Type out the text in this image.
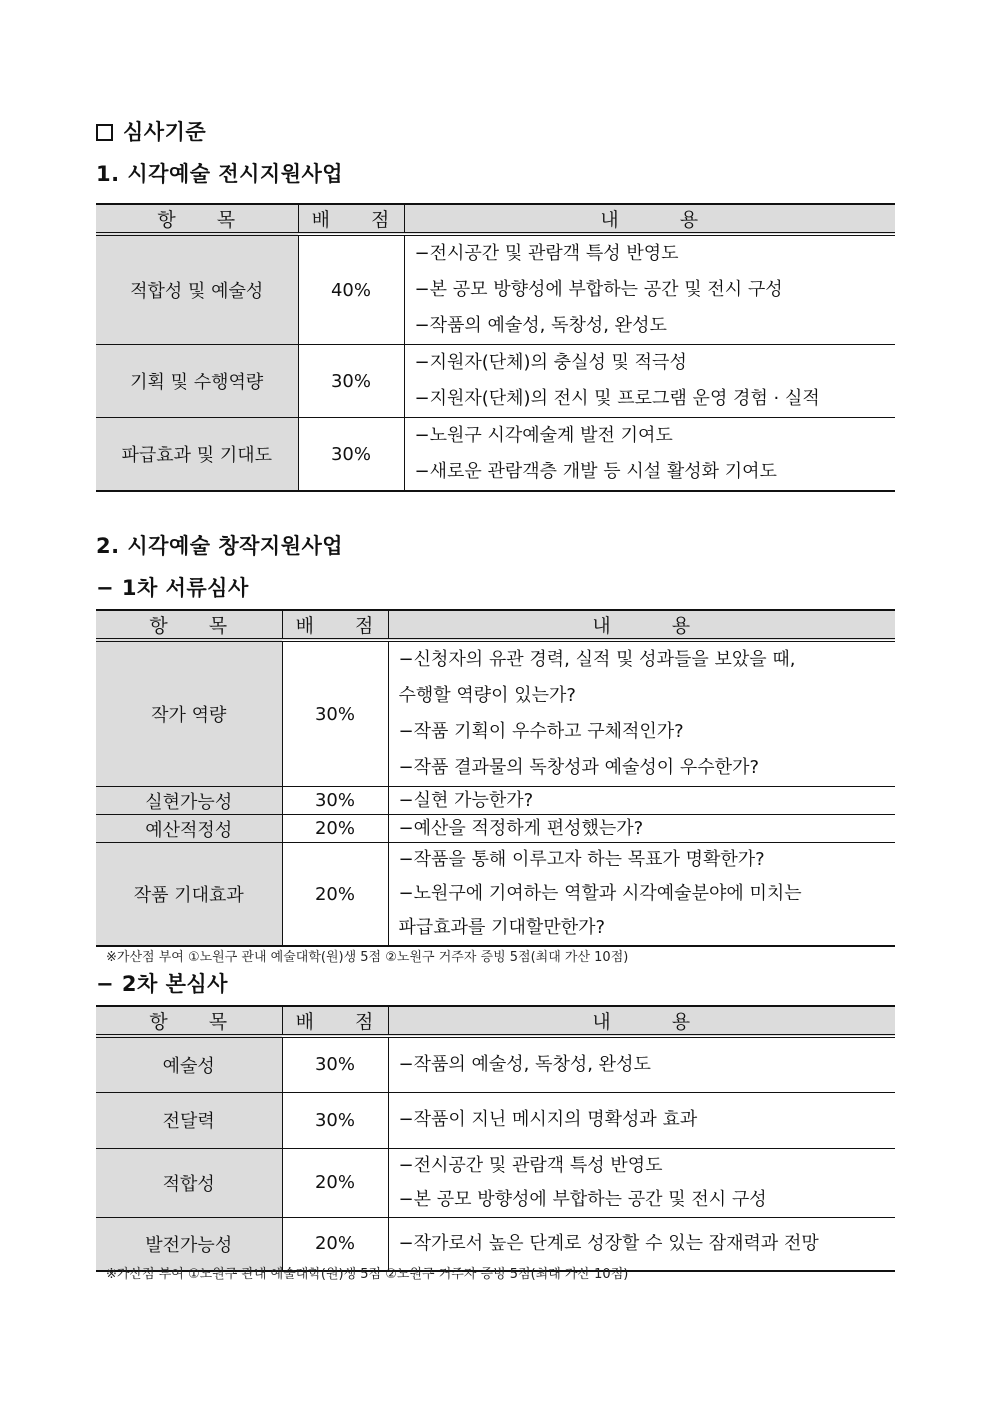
심사기준
1. 시각예술 전시지원사업
항　　목	배　　점	내　　　용
적합성 및 예술성	40%	−전시공간 및 관람객 특성 반영도
−본 공모 방향성에 부합하는 공간 및 전시 구성
−작품의 예술성, 독창성, 완성도

기획 및 수행역량	30%	−지원자(단체)의 충실성 및 적극성
−지원자(단체)의 전시 및 프로그램 운영 경험 · 실적

파급효과 및 기대도	30%	−노원구 시각예술계 발전 기여도
−새로운 관람객층 개발 등 시설 활성화 기여도
2. 시각예술 창작지원사업
− 1차 서류심사
항　　목	배　　점	내　　　용
작가 역량	30%	−신청자의 유관 경력, 실적 및 성과들을 보았을 때,
수행할 역량이 있는가?
−작품 기획이 우수하고 구체적인가?
−작품 결과물의 독창성과 예술성이 우수한가?

실현가능성	30%	−실현 가능한가?

예산적정성	20%	−예산을 적정하게 편성했는가?

작품 기대효과	20%	−작품을 통해 이루고자 하는 목표가 명확한가?
−노원구에 기여하는 역할과 시각예술분야에 미치는
파급효과를 기대할만한가?
※가산점 부여 ①노원구 관내 예술대학(원)생 5점 ②노원구 거주자 증빙 5점(최대 가산 10점)
− 2차 본심사
항　　목	배　　점	내　　　용
예술성	30%	−작품의 예술성, 독창성, 완성도

전달력	30%	−작품이 지닌 메시지의 명확성과 효과

적합성	20%	−전시공간 및 관람객 특성 반영도
−본 공모 방향성에 부합하는 공간 및 전시 구성

발전가능성	20%	−작가로서 높은 단계로 성장할 수 있는 잠재력과 전망
※가산점 부여 ①노원구 관내 예술대학(원)생 5점 ②노원구 거주자 증빙 5점(최대 가산 10점)
